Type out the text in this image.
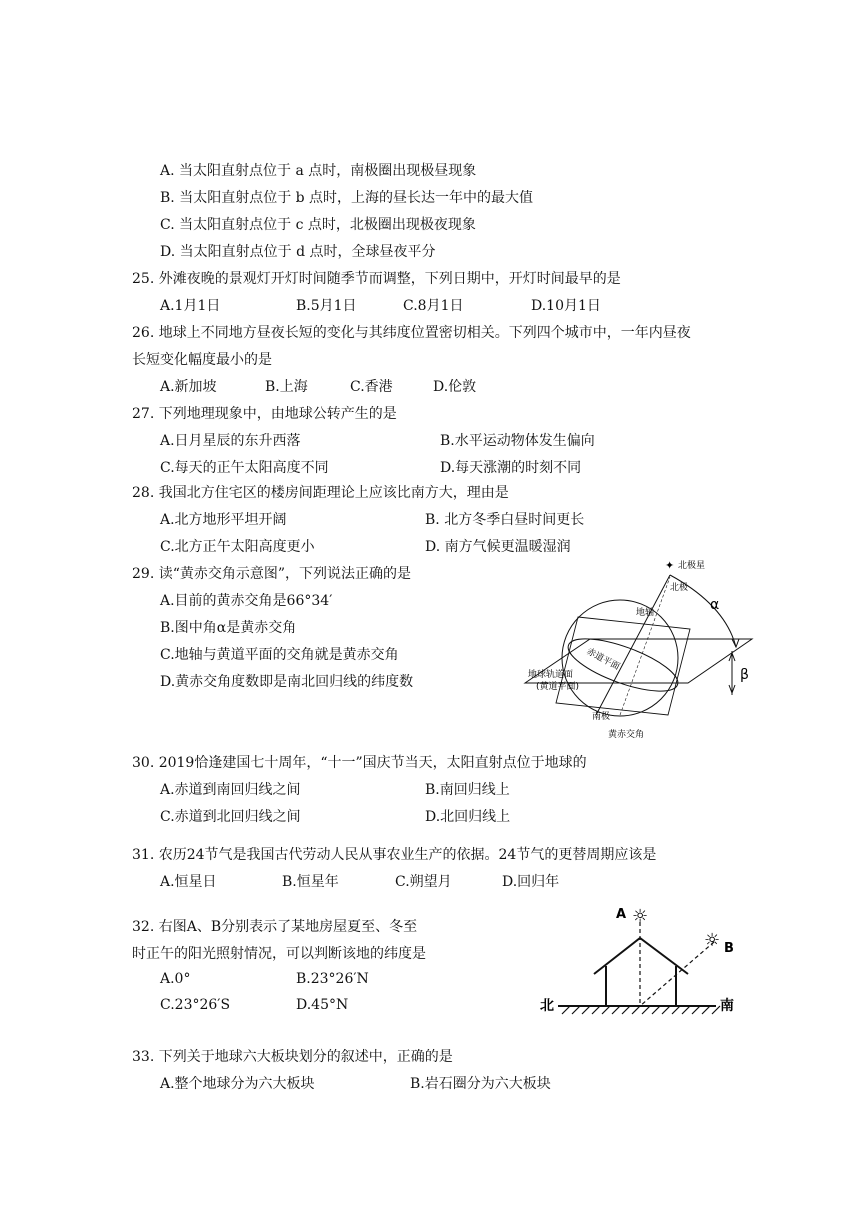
A. 当太阳直射点位于 a 点时，南极圈出现极昼现象
B. 当太阳直射点位于 b 点时，上海的昼长达一年中的最大值
C. 当太阳直射点位于 c 点时，北极圈出现极夜现象
D. 当太阳直射点位于 d 点时，全球昼夜平分
25. 外滩夜晚的景观灯开灯时间随季节而调整，下列日期中，开灯时间最早的是
A.1月1日	B.5月1日	C.8月1日	D.10月1日
26. 地球上不同地方昼夜长短的变化与其纬度位置密切相关。下列四个城市中，一年内昼夜
长短变化幅度最小的是
A.新加坡	B.上海	C.香港	D.伦敦
27. 下列地理现象中，由地球公转产生的是
A.日月星辰的东升西落	B.水平运动物体发生偏向
C.每天的正午太阳高度不同	D.每天涨潮的时刻不同
28. 我国北方住宅区的楼房间距理论上应该比南方大，理由是
A.北方地形平坦开阔	B. 北方冬季白昼时间更长
C.北方正午太阳高度更小	D. 南方气候更温暖湿润
29. 读“黄赤交角示意图”，下列说法正确的是
A.目前的黄赤交角是66°34′
B.图中角α是黄赤交角
C.地轴与黄道平面的交角就是黄赤交角
D.黄赤交角度数即是南北回归线的纬度数
✦ 北极星
北极
地轴
赤道平面
地球轨道面
(黄道平面)
南极
黄赤交角
α
β
30. 2019恰逢建国七十周年，“十一”国庆节当天，太阳直射点位于地球的
A.赤道到南回归线之间	B.南回归线上
C.赤道到北回归线之间	D.北回归线上
31. 农历24节气是我国古代劳动人民从事农业生产的依据。24节气的更替周期应该是
A.恒星日	B.恒星年	C.朔望月	D.回归年
32. 右图A、B分别表示了某地房屋夏至、冬至
时正午的阳光照射情况，可以判断该地的纬度是
A.0°	B.23°26′N
C.23°26′S	D.45°N
☼
☼
A
B
北	南
33. 下列关于地球六大板块划分的叙述中，正确的是
A.整个地球分为六大板块	B.岩石圈分为六大板块
